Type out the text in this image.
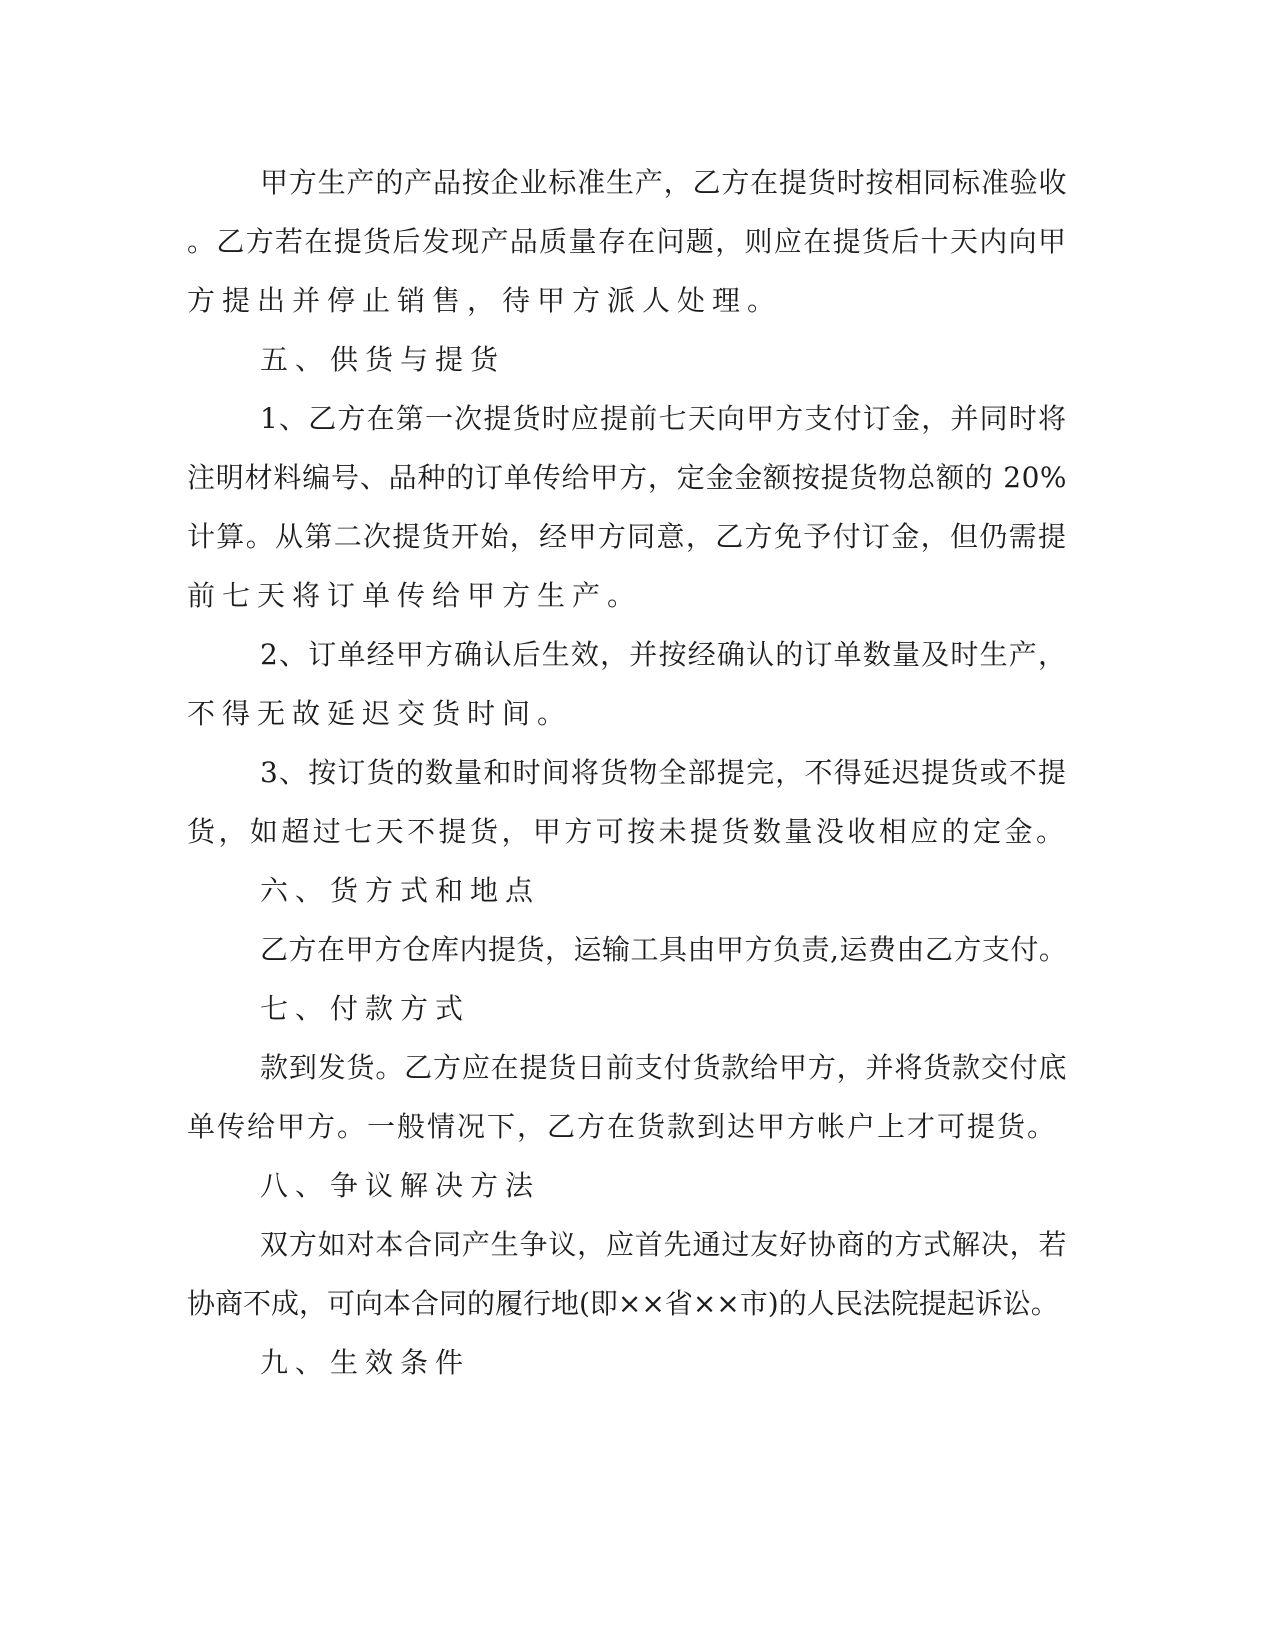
甲方生产的产品按企业标准生产，乙方在提货时按相同标准验收

。乙方若在提货后发现产品质量存在问题，则应在提货后十天内向甲

方提出并停止销售，待甲方派人处理。

五、供货与提货

1、乙方在第一次提货时应提前七天向甲方支付订金，并同时将

注明材料编号、品种的订单传给甲方，定金金额按提货物总额的 20%

计算。从第二次提货开始，经甲方同意，乙方免予付订金，但仍需提

前七天将订单传给甲方生产。

2、订单经甲方确认后生效，并按经确认的订单数量及时生产，

不得无故延迟交货时间。

3、按订货的数量和时间将货物全部提完，不得延迟提货或不提

货，如超过七天不提货，甲方可按未提货数量没收相应的定金。

六、货方式和地点

乙方在甲方仓库内提货，运输工具由甲方负责,运费由乙方支付。

七、付款方式

款到发货。乙方应在提货日前支付货款给甲方，并将货款交付底

单传给甲方。一般情况下，乙方在货款到达甲方帐户上才可提货。

八、争议解决方法

双方如对本合同产生争议，应首先通过友好协商的方式解决，若

协商不成，可向本合同的履行地(即××省××市)的人民法院提起诉讼。

九、生效条件
